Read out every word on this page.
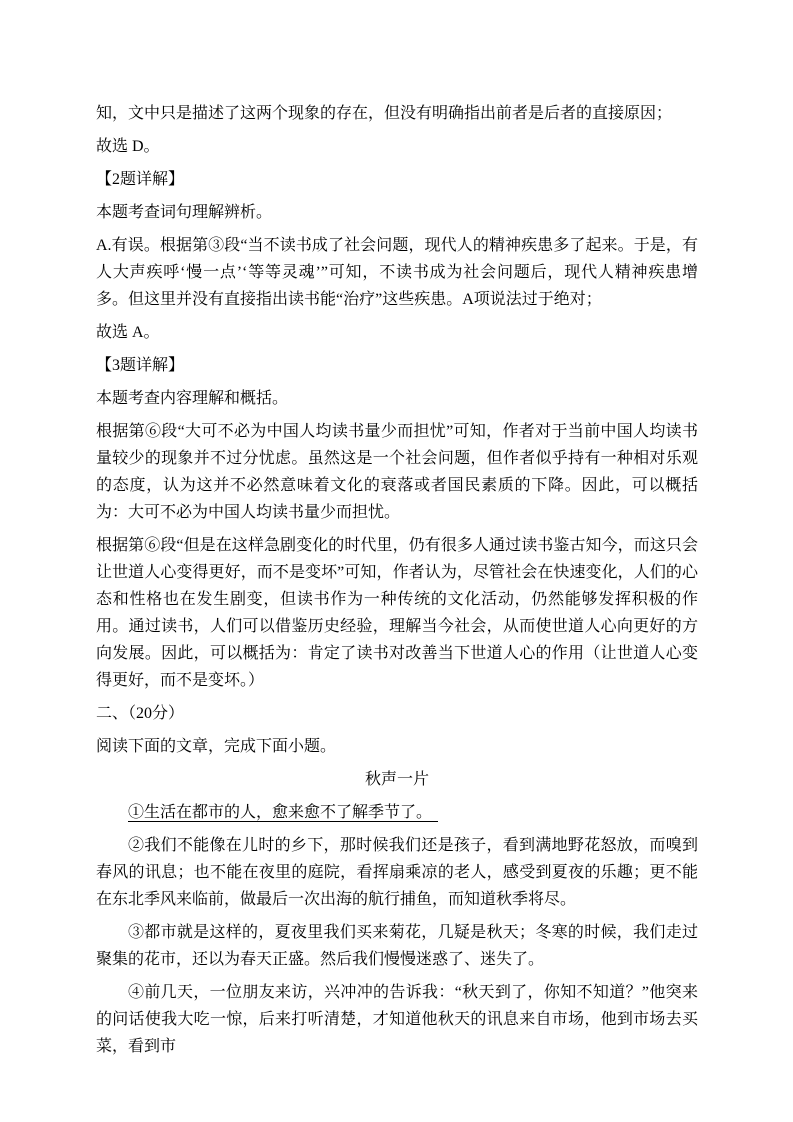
知，文中只是描述了这两个现象的存在，但没有明确指出前者是后者的直接原因；

故选 D。

【2题详解】

本题考查词句理解辨析。

A.有误。根据第③段“当不读书成了社会问题，现代人的精神疾患多了起来。于是，有人大声疾呼‘慢一点’‘等等灵魂’”可知，不读书成为社会问题后，现代人精神疾患增多。但这里并没有直接指出读书能“治疗”这些疾患。A项说法过于绝对；

故选 A。

【3题详解】

本题考查内容理解和概括。

根据第⑥段“大可不必为中国人均读书量少而担忧”可知，作者对于当前中国人均读书量较少的现象并不过分忧虑。虽然这是一个社会问题，但作者似乎持有一种相对乐观的态度，认为这并不必然意味着文化的衰落或者国民素质的下降。因此，可以概括为：大可不必为中国人均读书量少而担忧。

根据第⑥段“但是在这样急剧变化的时代里，仍有很多人通过读书鉴古知今，而这只会让世道人心变得更好，而不是变坏”可知，作者认为，尽管社会在快速变化，人们的心态和性格也在发生剧变，但读书作为一种传统的文化活动，仍然能够发挥积极的作用。通过读书，人们可以借鉴历史经验，理解当今社会，从而使世道人心向更好的方向发展。因此，可以概括为：肯定了读书对改善当下世道人心的作用（让世道人心变得更好，而不是变坏。）

二、（20分）

阅读下面的文章，完成下面小题。

秋声一片

①生活在都市的人，愈来愈不了解季节了。

②我们不能像在儿时的乡下，那时候我们还是孩子，看到满地野花怒放，而嗅到春风的讯息；也不能在夜里的庭院，看挥扇乘凉的老人，感受到夏夜的乐趣；更不能在东北季风来临前，做最后一次出海的航行捕鱼，而知道秋季将尽。

③都市就是这样的，夏夜里我们买来菊花，几疑是秋天；冬寒的时候，我们走过聚集的花市，还以为春天正盛。然后我们慢慢迷惑了、迷失了。

④前几天，一位朋友来访，兴冲冲的告诉我：“秋天到了，你知不知道？”他突来的问话使我大吃一惊，后来打听清楚，才知道他秋天的讯息来自市场，他到市场去买菜，看到市
